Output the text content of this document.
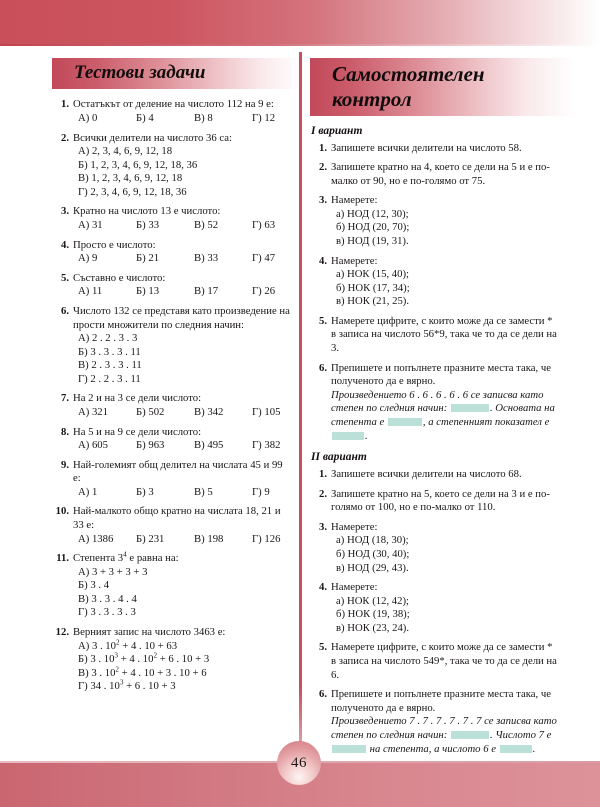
Тестови задачи
1. Остатъкът от деление на числото 112 на 9 е:
А) 0	Б) 4	В) 8	Г) 12
2. Всички делители на числото 36 са:
А) 2, 3, 4, 6, 9, 12, 18
Б) 1, 2, 3, 4, 6, 9, 12, 18, 36
В) 1, 2, 3, 4, 6, 9, 12, 18
Г) 2, 3, 4, 6, 9, 12, 18, 36
3. Кратно на числото 13 е числото:
А) 31	Б) 33	В) 52	Г) 63
4. Просто е числото:
А) 9	Б) 21	В) 33	Г) 47
5. Съставно е числото:
А) 11	Б) 13	В) 17	Г) 26
6. Числото 132 се представя като произведение на прости множители по следния начин:
А) 2 . 2 . 3 . 3
Б) 3 . 3 . 3 . 11
В) 2 . 3 . 3 . 11
Г) 2 . 2 . 3 . 11
7. На 2 и на 3 се дели числото:
А) 321	Б) 502	В) 342	Г) 105
8. На 5 и на 9 се дели числото:
А) 605	Б) 963	В) 495	Г) 382
9. Най-големият общ делител на числата 45 и 99 е:
А) 1	Б) 3	В) 5	Г) 9
10. Най-малкото общо кратно на числата 18, 21 и 33 е:
А) 1386 Б) 231	В) 198	Г) 126
11. Степента $3^4$ е равна на:
А) 3 + 3 + 3 + 3
Б) 3 . 4
В) 3 . 3 . 4 . 4
Г) 3 . 3 . 3 . 3
12. Верният запис на числото 3463 е:
А) 3 . $10^2 + 4$ . 10 + 63
Б) 3 . $10^3 + 4$ . $10^2 + 6$ . 10 + 3
В) 3 . $10^2 + 4$ . 10 + 3 . 10 + 6
Г) 34 . $10^3 + 6$ . 10 + 3
Самостоятелен
контрол
I вариант
1. Запишете всички делители на числото 58.
2. Запишете кратно на 4, което се дели на 5 и е по-малко от 90, но е по-голямо от 75.
3. Намерете:
а) НОД (12, 30);
б) НОД (20, 70);
в) НОД (19, 31).
4. Намерете:
а) НОК (15, 40);
б) НОК (17, 34);
в) НОК (21, 25).
5. Намерете цифрите, с които може да се замести * в записа на числото 56*9, така че то да се дели на 3.
6. Препишете и попълнете празните места така, че полученото да е вярно.
Произведението 6 . 6 . 6 . 6 . 6 се записва като степен по следния начин:	. Основата на степента е	, а степенният показател е .
II вариант
1. Запишете всички делители на числото 68.
2. Запишете кратно на 5, което се дели на 3 и е по-голямо от 100, но е по-малко от 110.
3. Намерете:
а) НОД (18, 30);
б) НОД (30, 40);
в) НОД (29, 43).
4. Намерете:
а) НОК (12, 42);
б) НОК (19, 38);
в) НОК (23, 24).
5. Намерете цифрите, с които може да се замести * в записа на числото 549*, така че то да се дели на 6.
6. Препишете и попълнете празните места така, че полученото да е вярно.
Произведението 7 . 7 . 7 . 7 . 7 . 7 се записва като степен по следния начин:	. Числото 7 е  на степента, а числото 6 е	.
46
